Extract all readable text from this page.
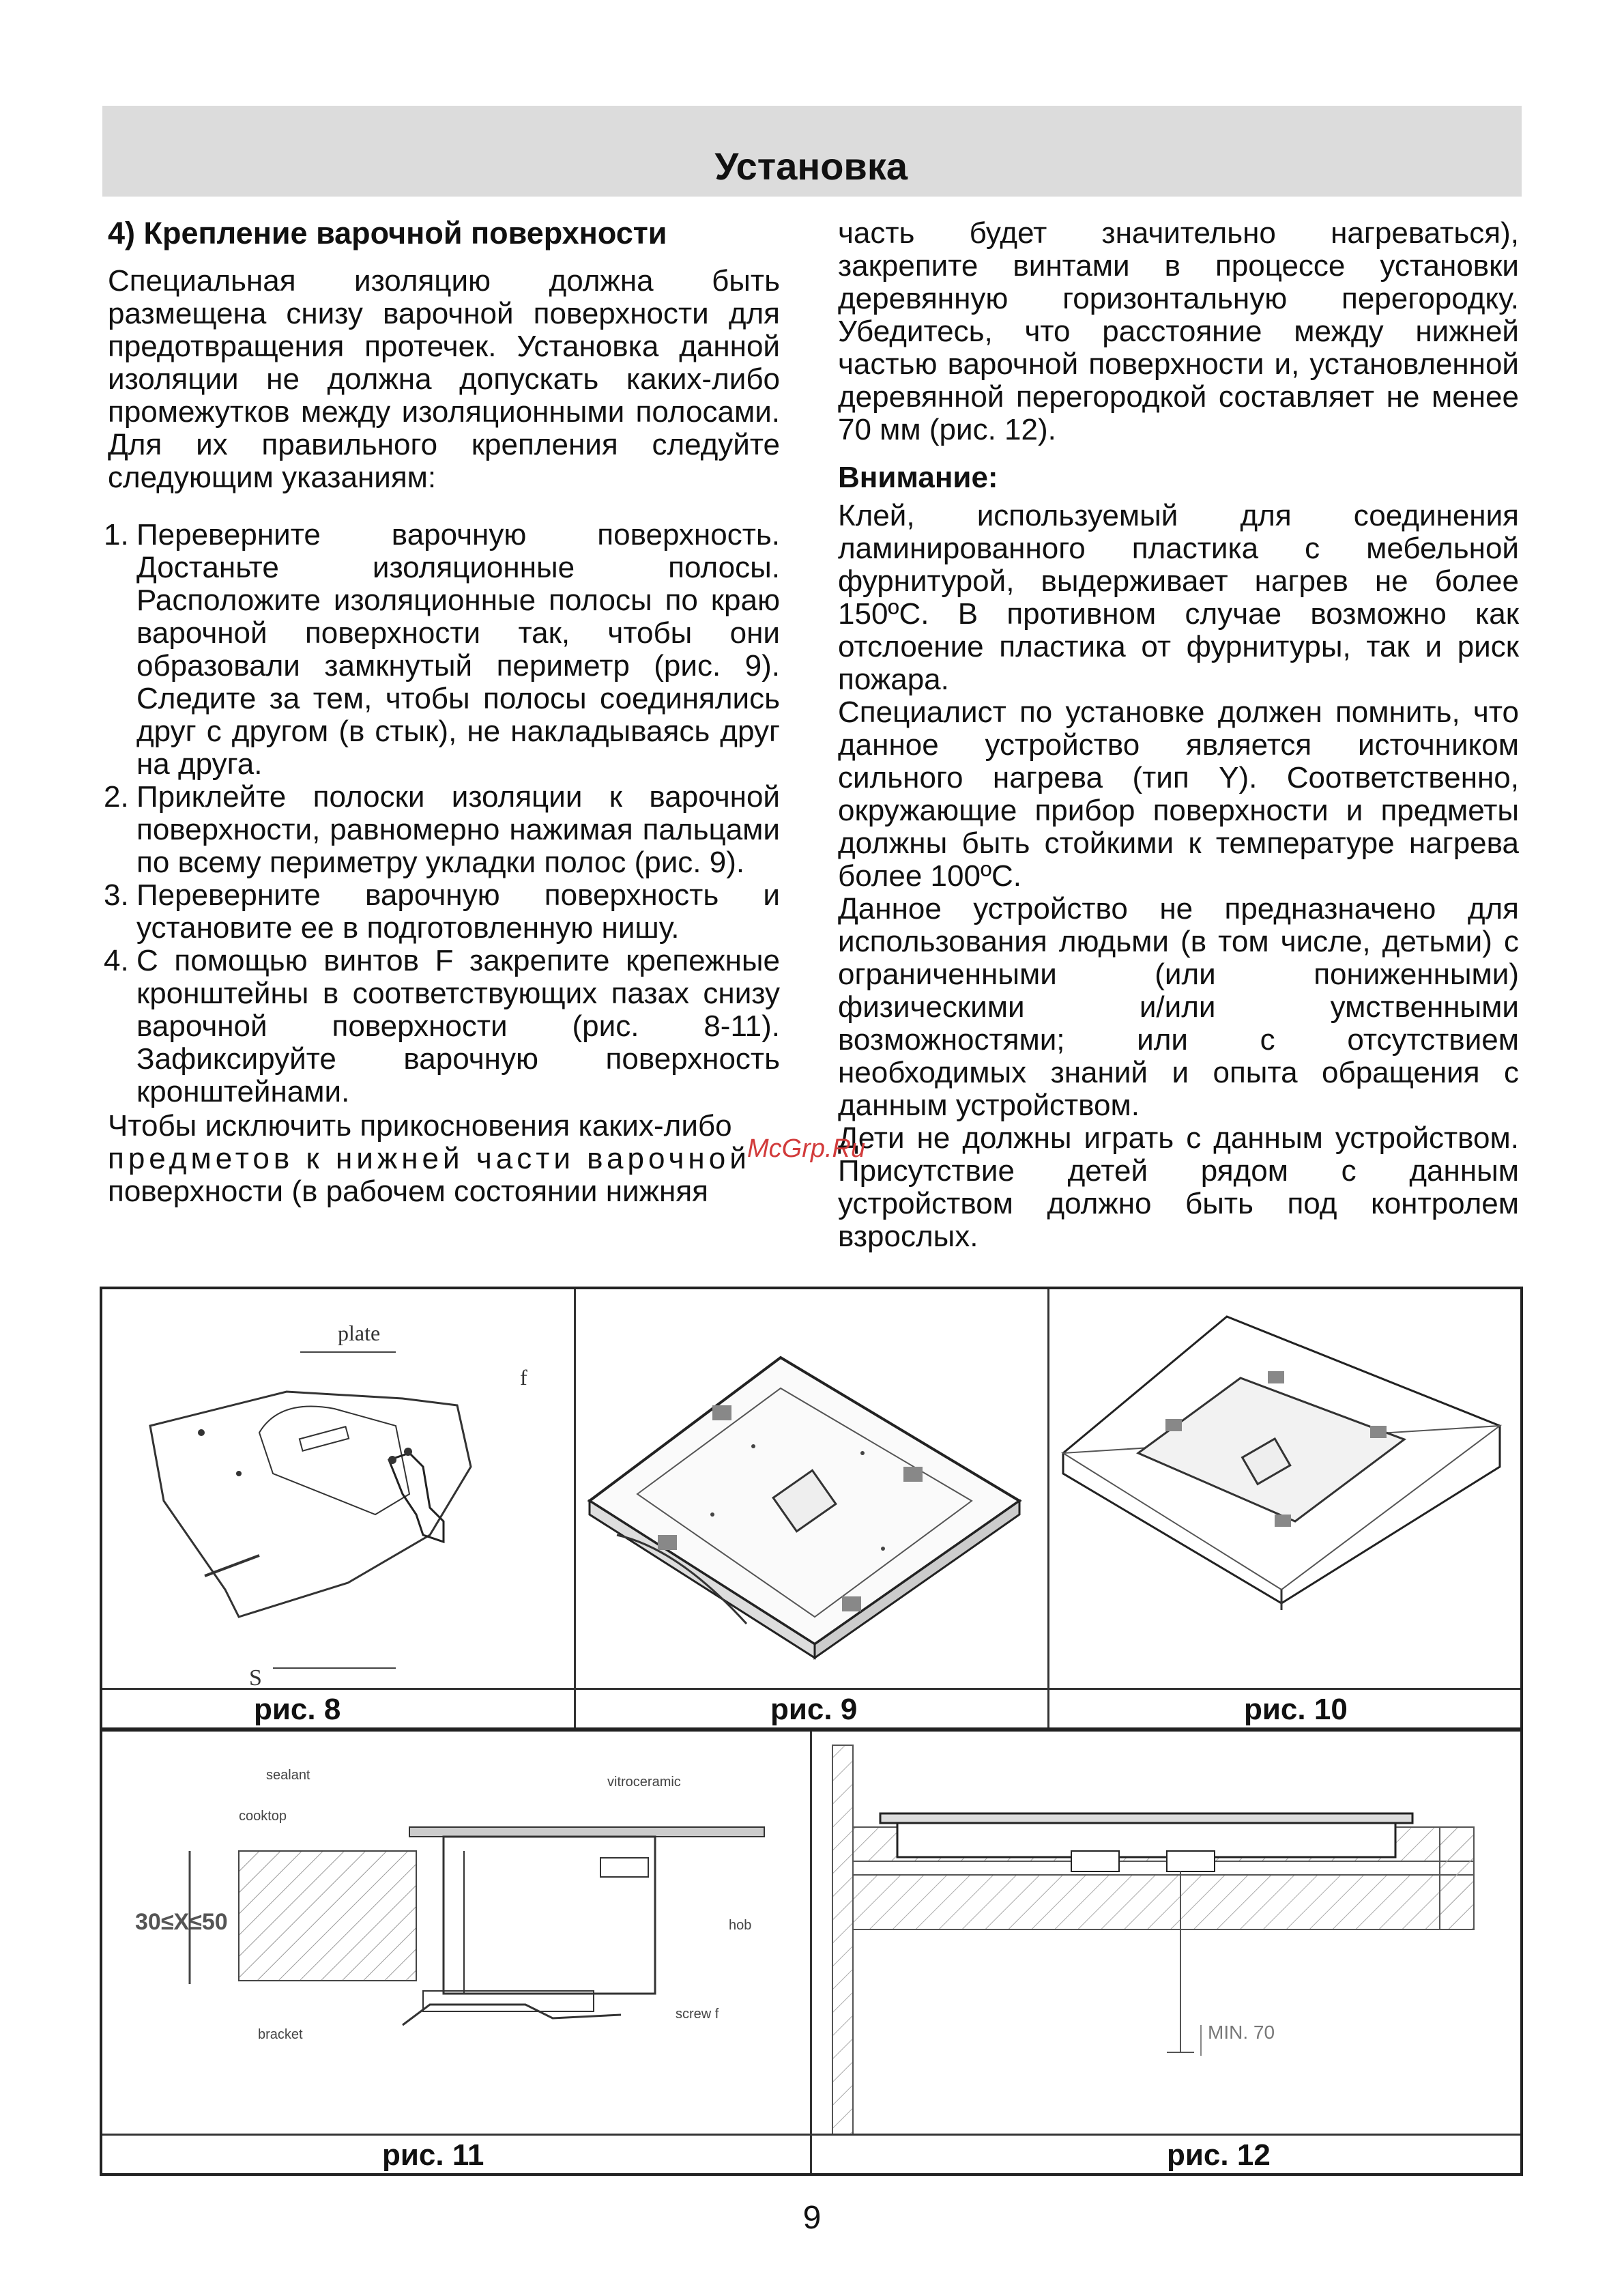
Установка
4) Крепление варочной поверхности

Специальная изоляцию должна быть размещена снизу варочной поверхности для предотвращения протечек. Установка данной изоляции не должна допускать каких-либо промежутков между изоляционными полосами. Для их правильного крепления следуйте следующим указаниям:

1. Переверните варочную поверхность. Достаньте изоляционные полосы. Расположите изоляционные полосы по краю варочной поверхности так, чтобы они образовали замкнутый периметр (рис. 9). Следите за тем, чтобы полосы соединялись друг с другом (в стык), не накладываясь друг на друга.
2. Приклейте полоски изоляции к варочной поверхности, равномерно нажимая пальцами по всему периметру укладки полос (рис. 9).
3. Переверните варочную поверхность и установите ее в подготовленную нишу.
4. С помощью винтов F закрепите крепежные кронштейны в соответствующих пазах снизу варочной поверхности (рис. 8-11). Зафиксируйте варочную поверхность кронштейнами.
Чтобы исключить прикосновения каких-либо
предметов к нижней части варочной
поверхности (в рабочем состоянии нижняя

часть будет значительно нагреваться), закрепите винтами в процессе установки деревянную горизонтальную перегородку. Убедитесь, что расстояние между нижней частью варочной поверхности и, установленной деревянной перегородкой составляет не менее 70 мм (рис. 12).

Внимание:

Клей, используемый для соединения ламинированного пластика с мебельной фурнитурой, выдерживает нагрев не более 150ºС. В противном случае возможно как отслоение пластика от фурнитуры, так и риск пожара.

Специалист по установке должен помнить, что данное устройство является источником сильного нагрева (тип Y). Соответственно, окружающие прибор поверхности и предметы должны быть стойкими к температуре нагрева более 100ºС.

Данное устройство не предназначено для использования людьми (в том числе, детьми) с ограниченными (или пониженными) физическими и/или умственными возможностями; или с отсутствием необходимых знаний и опыта обращения с данным устройством.

Дети не должны играть с данным устройством. Присутствие детей рядом с данным устройством должно быть под контролем взрослых.

McGrp.Ru
plate
f
S
рис. 8	рис. 9	рис. 10
sealant	vitroceramic
cooktop
30≤X≤50	hob
bracket
screw f
рис. 11
MIN. 70
рис. 12
9
